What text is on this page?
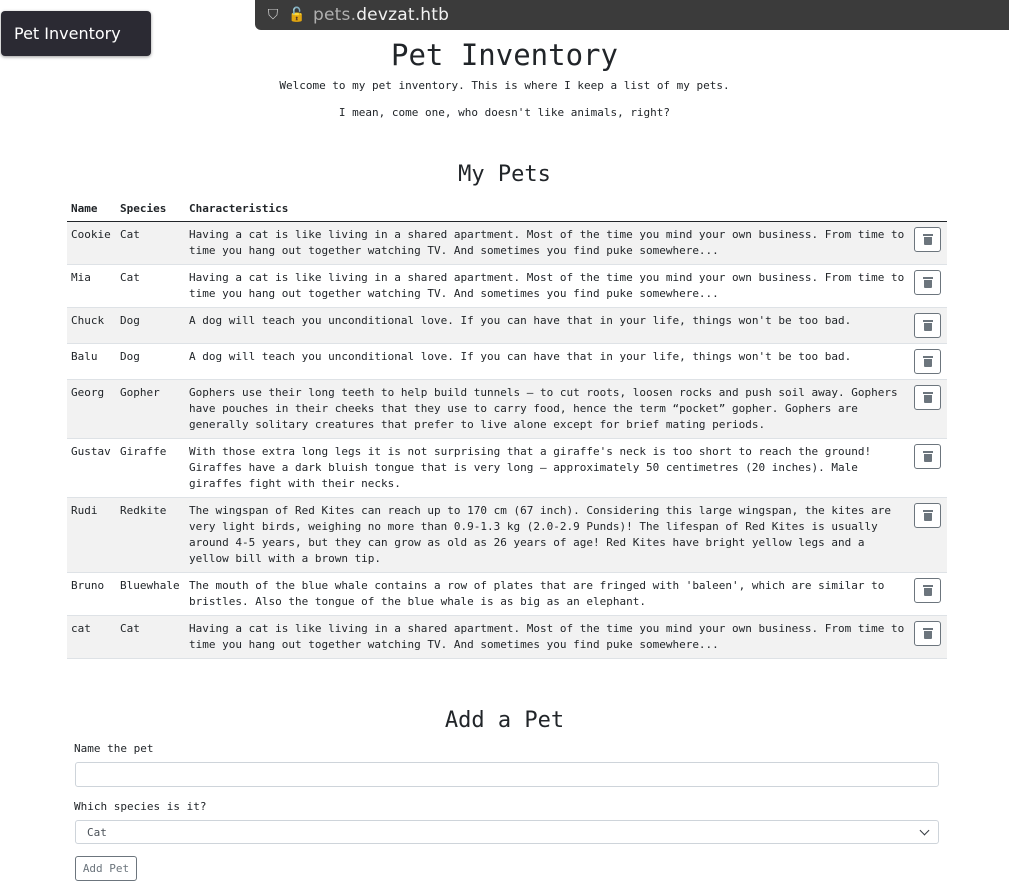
⛉ 🔓 pets.devzat.htb
Pet Inventory
Pet Inventory

Welcome to my pet inventory. This is where I keep a list of my pets.

I mean, come one, who doesn't like animals, right?

My Pets
Name	Species	Characteristics	
Cookie	Cat	Having a cat is like living in a shared apartment. Most of the time you mind your own business. From time to time you hang out together watching TV. And sometimes you find puke somewhere...	

Mia	Cat	Having a cat is like living in a shared apartment. Most of the time you mind your own business. From time to time you hang out together watching TV. And sometimes you find puke somewhere...	

Chuck	Dog	A dog will teach you unconditional love. If you can have that in your life, things won't be too bad.	

Balu	Dog	A dog will teach you unconditional love. If you can have that in your life, things won't be too bad.	

Georg	Gopher	Gophers use their long teeth to help build tunnels – to cut roots, loosen rocks and push soil away. Gophers have pouches in their cheeks that they use to carry food, hence the term “pocket” gopher. Gophers are generally solitary creatures that prefer to live alone except for brief mating periods.	

Gustav	Giraffe	With those extra long legs it is not surprising that a giraffe's neck is too short to reach the ground! Giraffes have a dark bluish tongue that is very long – approximately 50 centimetres (20 inches). Male giraffes fight with their necks.	

Rudi	Redkite	The wingspan of Red Kites can reach up to 170 cm (67 inch). Considering this large wingspan, the kites are very light birds, weighing no more than 0.9-1.3 kg (2.0-2.9 Punds)! The lifespan of Red Kites is usually around 4-5 years, but they can grow as old as 26 years of age! Red Kites have bright yellow legs and a yellow bill with a brown tip.	

Bruno	Bluewhale	The mouth of the blue whale contains a row of plates that are fringed with 'baleen', which are similar to bristles. Also the tongue of the blue whale is as big as an elephant.	

cat	Cat	Having a cat is like living in a shared apartment. Most of the time you mind your own business. From time to time you hang out together watching TV. And sometimes you find puke somewhere...	
Add a Pet
Name the pet
Which species is it?
Cat
Add Pet
